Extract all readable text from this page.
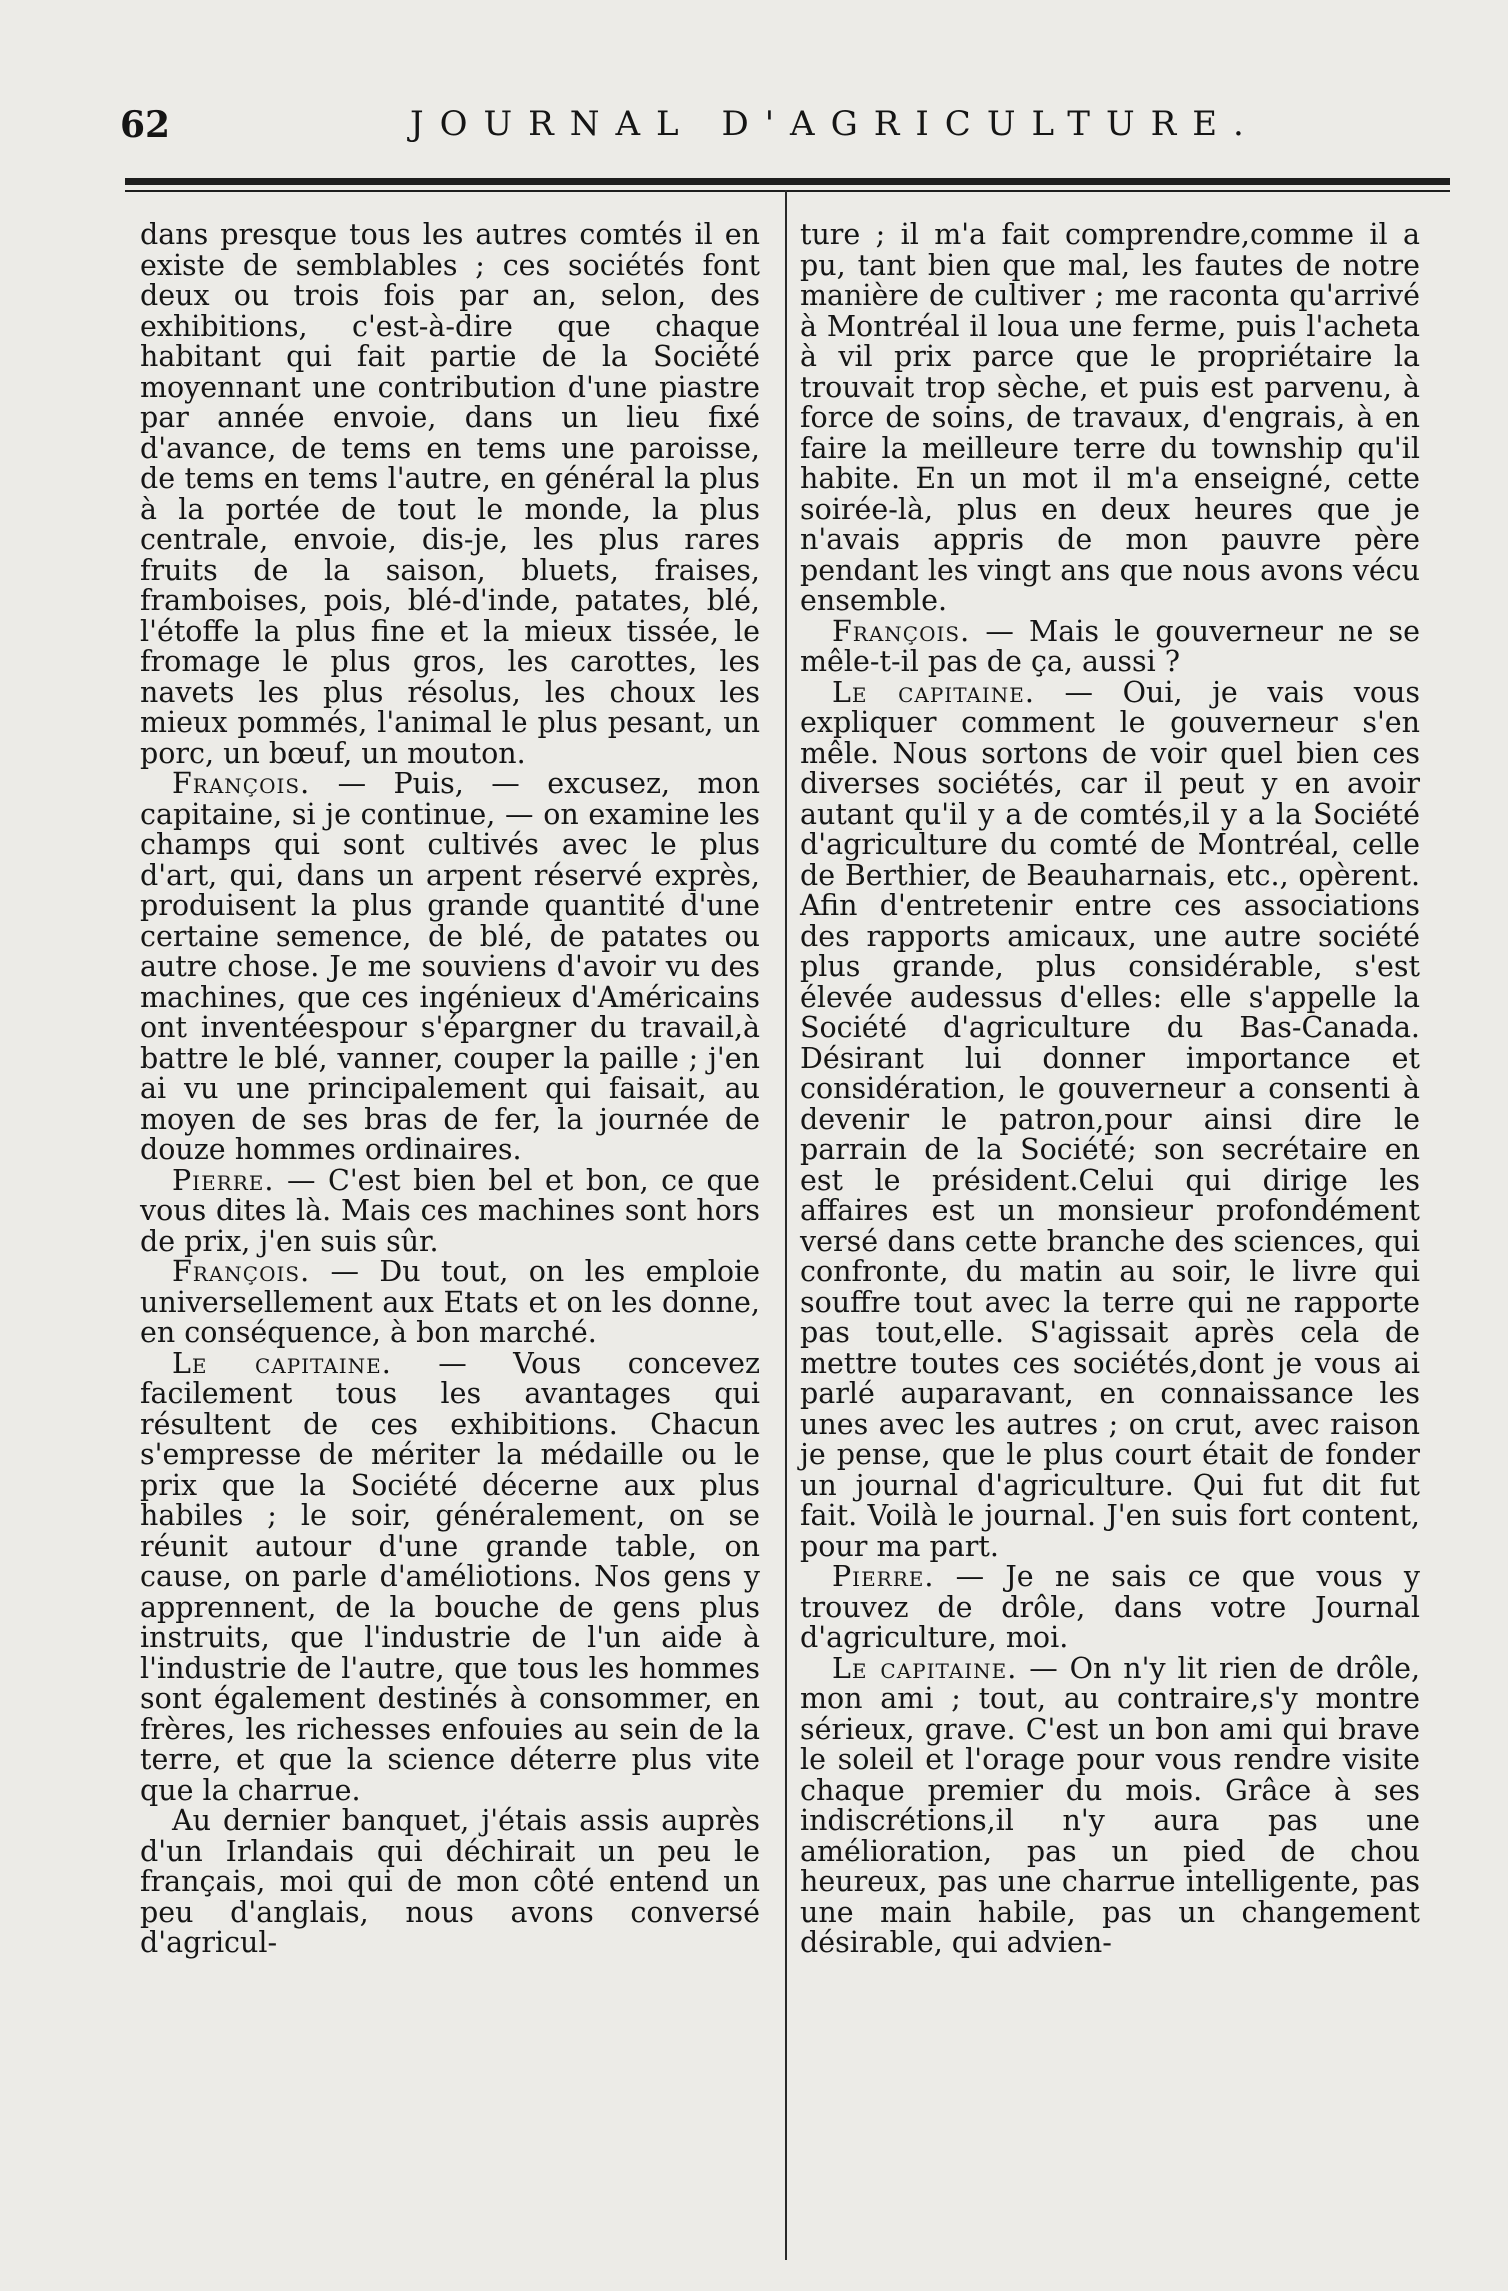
62	JOURNAL D'AGRICULTURE.

dans presque tous les autres comtés il en existe de semblables ; ces sociétés font deux ou trois fois par an, selon, des exhibitions, c'est-à-dire que chaque habitant qui fait partie de la Société moyennant une contribution d'une piastre par année envoie, dans un lieu fixé d'avance, de tems en tems une paroisse, de tems en tems l'autre, en général la plus à la portée de tout le monde, la plus centrale, envoie, dis-je, les plus rares fruits de la saison, bluets, fraises, framboises, pois, blé-d'inde, patates, blé, l'étoffe la plus fine et la mieux tissée, le fromage le plus gros, les carottes, les navets les plus résolus, les choux les mieux pommés, l'animal le plus pesant, un porc, un bœuf, un mouton.

François. — Puis, — excusez, mon capitaine, si je continue, — on examine les champs qui sont cultivés avec le plus d'art, qui, dans un arpent réservé exprès, produisent la plus grande quantité d'une certaine semence, de blé, de patates ou autre chose. Je me souviens d'avoir vu des machines, que ces ingénieux d'Américains ont inventéespour s'épargner du travail,à battre le blé, vanner, couper la paille ; j'en ai vu une principalement qui faisait, au moyen de ses bras de fer, la journée de douze hommes ordinaires.

Pierre. — C'est bien bel et bon, ce que vous dites là. Mais ces machines sont hors de prix, j'en suis sûr.

François. — Du tout, on les emploie universellement aux Etats et on les donne, en conséquence, à bon marché.

Le capitaine. — Vous concevez facilement tous les avantages qui résultent de ces exhibitions. Chacun s'empresse de mériter la médaille ou le prix que la Société décerne aux plus habiles ; le soir, généralement, on se réunit autour d'une grande table, on cause, on parle d'améliotions. Nos gens y apprennent, de la bouche de gens plus instruits, que l'industrie de l'un aide à l'industrie de l'autre, que tous les hommes sont également destinés à consommer, en frères, les richesses enfouies au sein de la terre, et que la science déterre plus vite que la charrue.

Au dernier banquet, j'étais assis auprès d'un Irlandais qui déchirait un peu le français, moi qui de mon côté entend un peu d'anglais, nous avons conversé d'agricul-

ture ; il m'a fait comprendre,comme il a pu, tant bien que mal, les fautes de notre manière de cultiver ; me raconta qu'arrivé à Montréal il loua une ferme, puis l'acheta à vil prix parce que le propriétaire la trouvait trop sèche, et puis est parvenu, à force de soins, de travaux, d'engrais, à en faire la meilleure terre du township qu'il habite. En un mot il m'a enseigné, cette soirée-là, plus en deux heures que je n'avais appris de mon pauvre père pendant les vingt ans que nous avons vécu ensemble.

François. — Mais le gouverneur ne se mêle-t-il pas de ça, aussi ?

Le capitaine. — Oui, je vais vous expliquer comment le gouverneur s'en mêle. Nous sortons de voir quel bien ces diverses sociétés, car il peut y en avoir autant qu'il y a de comtés,il y a la Société d'agriculture du comté de Montréal, celle de Berthier, de Beauharnais, etc., opèrent. Afin d'entretenir entre ces associations des rapports amicaux, une autre société plus grande, plus considérable, s'est élevée audessus d'elles: elle s'appelle la Société d'agriculture du Bas-Canada. Désirant lui donner importance et considération, le gouverneur a consenti à devenir le patron,pour ainsi dire le parrain de la Société; son secrétaire en est le président.Celui qui dirige les affaires est un monsieur profondément versé dans cette branche des sciences, qui confronte, du matin au soir, le livre qui souffre tout avec la terre qui ne rapporte pas tout,elle. S'agissait après cela de mettre toutes ces sociétés,dont je vous ai parlé auparavant, en connaissance les unes avec les autres ; on crut, avec raison je pense, que le plus court était de fonder un journal d'agriculture. Qui fut dit fut fait. Voilà le journal. J'en suis fort content, pour ma part.

Pierre. — Je ne sais ce que vous y trouvez de drôle, dans votre Journal d'agriculture, moi.

Le capitaine. — On n'y lit rien de drôle, mon ami ; tout, au contraire,s'y montre sérieux, grave. C'est un bon ami qui brave le soleil et l'orage pour vous rendre visite chaque premier du mois. Grâce à ses indiscrétions,il n'y aura pas une amélioration, pas un pied de chou heureux, pas une charrue intelligente, pas une main habile, pas un changement désirable, qui advien-
